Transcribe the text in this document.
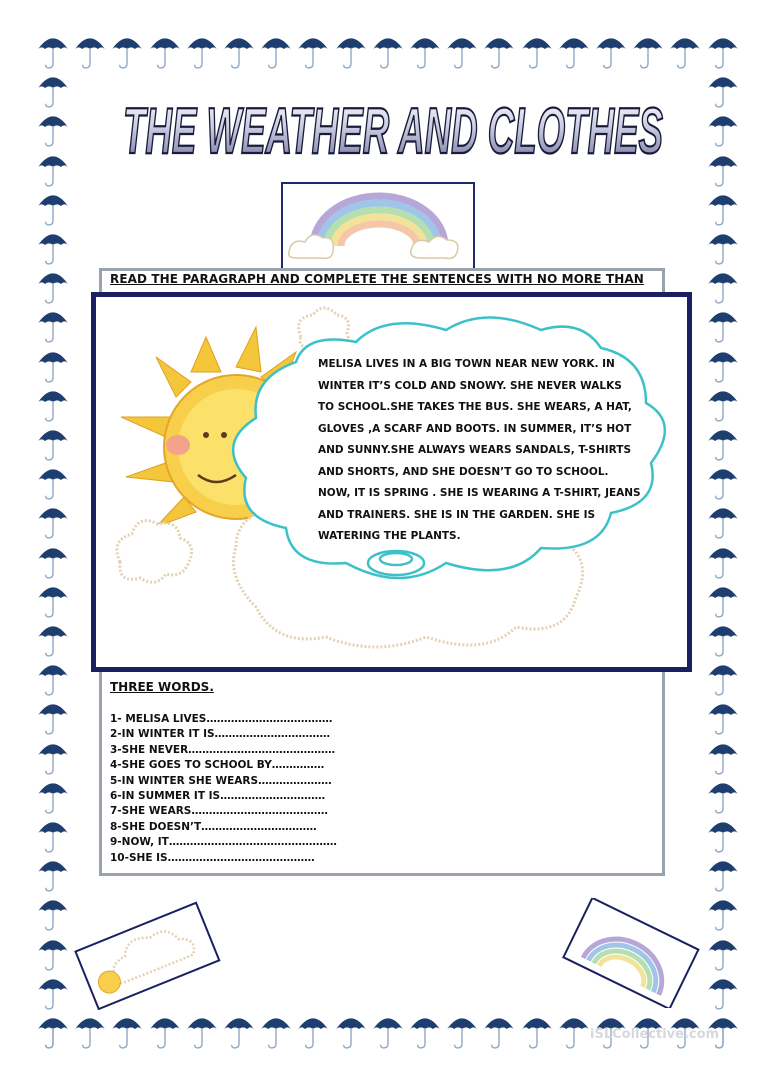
THE WEATHER AND CLOTHES
READ THE PARAGRAPH AND COMPLETE THE SENTENCES WITH NO MORE THAN
MELISA LIVES IN A BIG TOWN NEAR NEW YORK. IN
WINTER IT’S COLD AND SNOWY. SHE NEVER WALKS
TO SCHOOL.SHE TAKES THE BUS. SHE WEARS, A HAT,
GLOVES ,A SCARF AND BOOTS. IN SUMMER, IT’S HOT
AND SUNNY.SHE ALWAYS WEARS SANDALS, T-SHIRTS
AND SHORTS, AND SHE DOESN’T GO TO SCHOOL.
NOW, IT IS SPRING . SHE IS WEARING A T-SHIRT, JEANS
AND TRAINERS. SHE IS IN THE GARDEN. SHE IS
WATERING THE PLANTS.
THREE WORDS.
1- MELISA LIVES………………………………
2-IN WINTER IT IS……………………………
3-SHE NEVER……………………………………
4-SHE GOES TO SCHOOL BY……………
5-IN WINTER SHE WEARS…………………
6-IN SUMMER IT IS…………………………
7-SHE WEARS…………………………………
8-SHE DOESN’T……………………………
9-NOW, IT…………………………………………
10-SHE IS……………………………………
iSLCollective.com
